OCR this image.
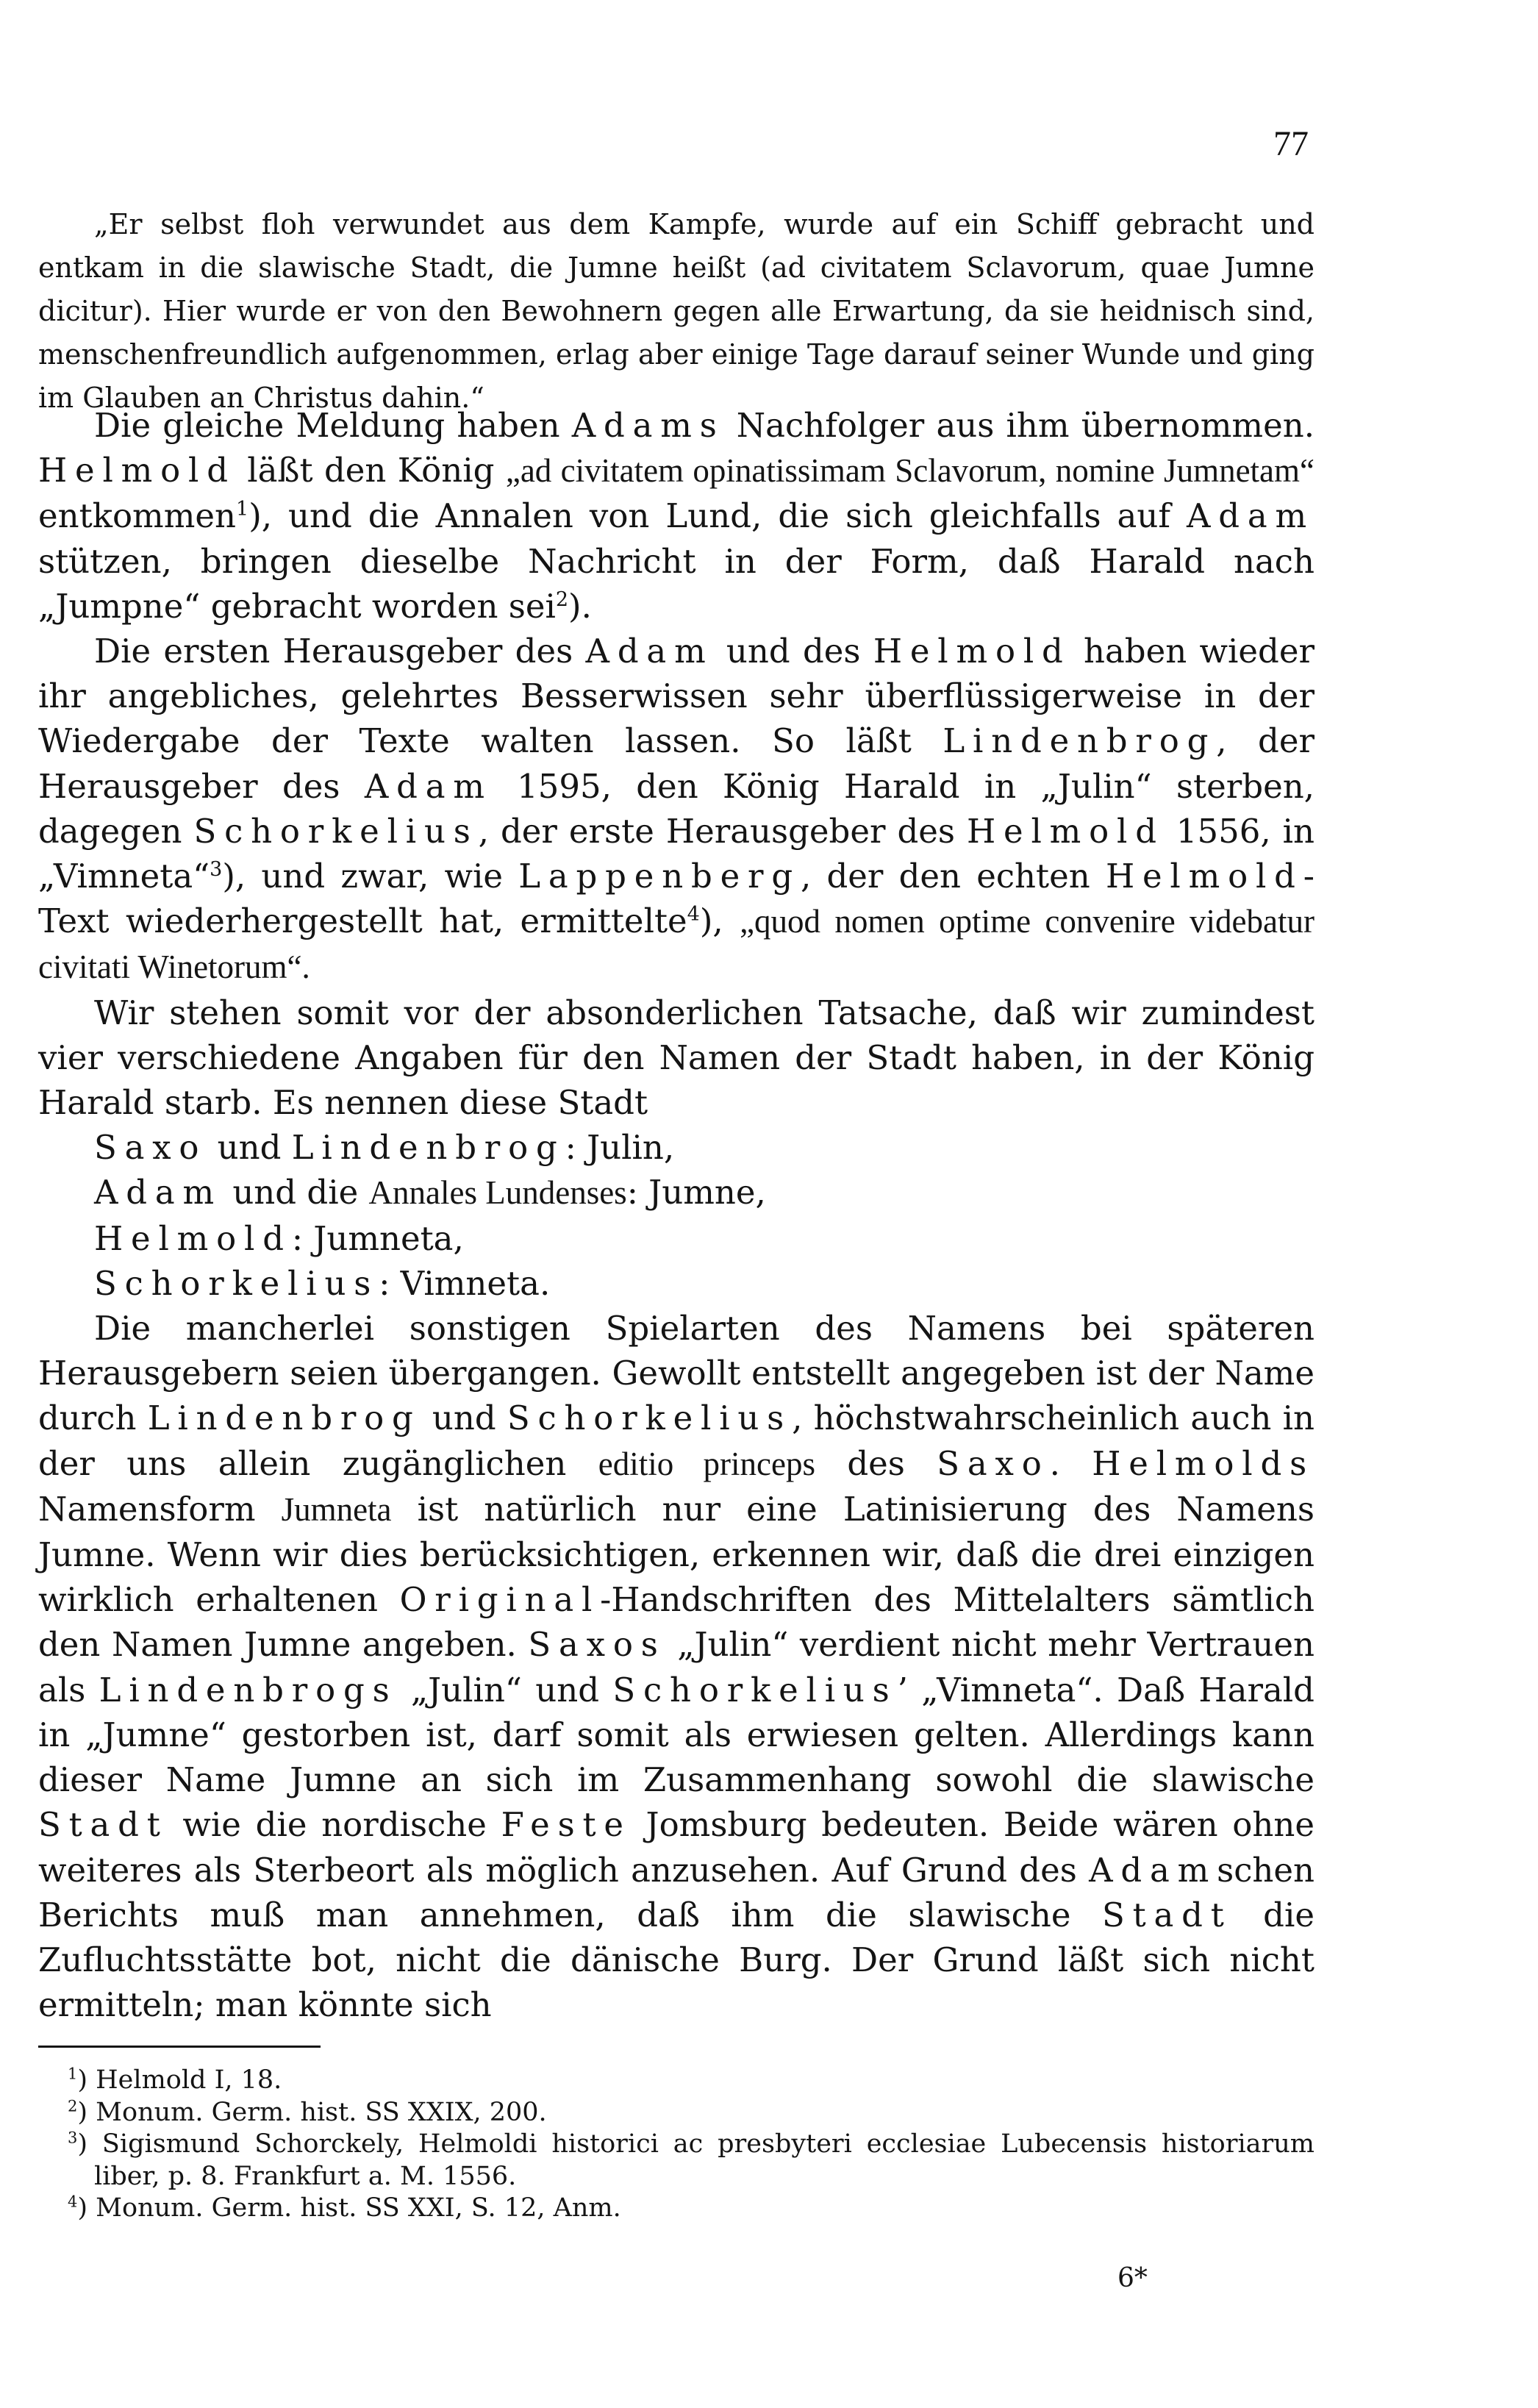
77

„Er selbst floh verwundet aus dem Kampfe, wurde auf ein Schiff gebracht und entkam in die slawische Stadt, die Jumne heißt (ad civitatem Sclavorum, quae Jumne dicitur). Hier wurde er von den Bewohnern gegen alle Erwartung, da sie heidnisch sind, menschenfreundlich aufgenommen, erlag aber einige Tage darauf seiner Wunde und ging im Glauben an Christus dahin.“

Die gleiche Meldung haben Adams Nachfolger aus ihm übernommen. Helmold läßt den König „ad civitatem opinatissimam Sclavorum, nomine Jumnetam“ entkommen$^1$), und die Annalen von Lund, die sich gleichfalls auf Adam stützen, bringen dieselbe Nachricht in der Form, daß Harald nach „Jumpne“ gebracht worden sei$^2$).

Die ersten Herausgeber des Adam und des Helmold haben wieder ihr angebliches, gelehrtes Besserwissen sehr überflüssigerweise in der Wiedergabe der Texte walten lassen. So läßt Lindenbrog, der Herausgeber des Adam 1595, den König Harald in „Julin“ sterben, dagegen Schorkelius, der erste Herausgeber des Helmold 1556, in „Vimneta“$^3$), und zwar, wie Lappenberg, der den echten Helmold-Text wiederhergestellt hat, ermittelte$^4$), „quod nomen optime convenire videbatur civitati Winetorum“.

Wir stehen somit vor der absonderlichen Tatsache, daß wir zumindest vier verschiedene Angaben für den Namen der Stadt haben, in der König Harald starb. Es nennen diese Stadt

Saxo und Lindenbrog: Julin,
Adam und die Annales Lundenses: Jumne,
Helmold: Jumneta,
Schorkelius: Vimneta.

Die mancherlei sonstigen Spielarten des Namens bei späteren Herausgebern seien übergangen. Gewollt entstellt angegeben ist der Name durch Lindenbrog und Schorkelius, höchstwahrscheinlich auch in der uns allein zugänglichen editio princeps des Saxo. Helmolds Namensform Jumneta ist natürlich nur eine Latinisierung des Namens Jumne. Wenn wir dies berücksichtigen, erkennen wir, daß die drei einzigen wirklich erhaltenen Original-Handschriften des Mittelalters sämtlich den Namen Jumne angeben. Saxos „Julin“ verdient nicht mehr Vertrauen als Lindenbrogs „Julin“ und Schorkelius’ „Vimneta“. Daß Harald in „Jumne“ gestorben ist, darf somit als erwiesen gelten. Allerdings kann dieser Name Jumne an sich im Zusammenhang sowohl die slawische Stadt wie die nordische Feste Jomsburg bedeuten. Beide wären ohne weiteres als Sterbeort als möglich anzusehen. Auf Grund des Adamschen Berichts muß man annehmen, daß ihm die slawische Stadt die Zufluchtsstätte bot, nicht die dänische Burg. Der Grund läßt sich nicht ermitteln; man könnte sich

$^1$) Helmold I, 18.

$^2$) Monum. Germ. hist. SS XXIX, 200.

$^3$) Sigismund Schorckely, Helmoldi historici ac presbyteri ecclesiae Lubecensis historiarum liber, p. 8. Frankfurt a. M. 1556.

$^4$) Monum. Germ. hist. SS XXI, S. 12, Anm.

6*
